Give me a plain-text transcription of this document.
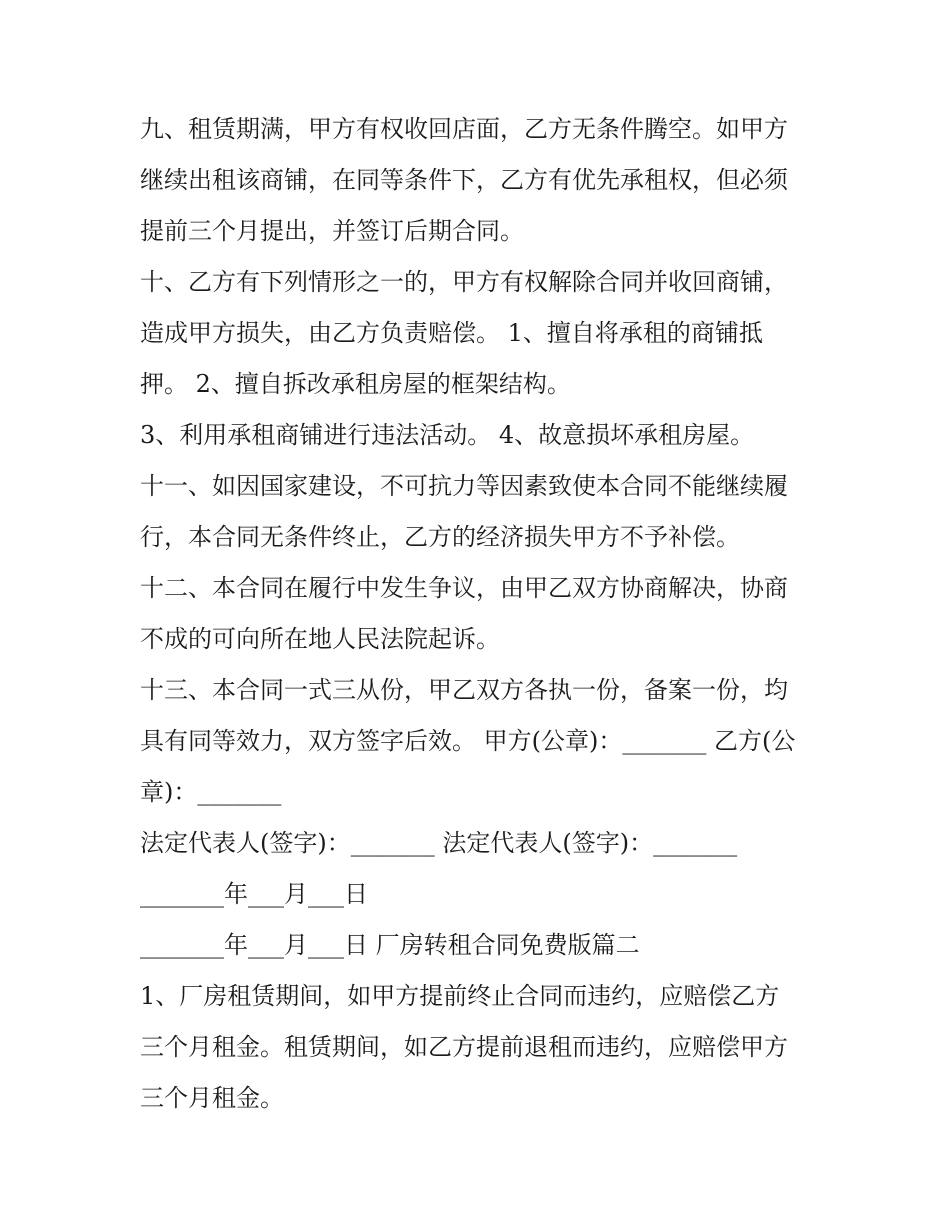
九、租赁期满，甲方有权收回店面，乙方无条件腾空。如甲方
继续出租该商铺，在同等条件下，乙方有优先承租权，但必须
提前三个月提出，并签订后期合同。
十、乙方有下列情形之一的，甲方有权解除合同并收回商铺，
造成甲方损失，由乙方负责赔偿。 1、擅自将承租的商铺抵
押。 2、擅自拆改承租房屋的框架结构。
3、利用承租商铺进行违法活动。 4、故意损坏承租房屋。
十一、如因国家建设，不可抗力等因素致使本合同不能继续履
行，本合同无条件终止，乙方的经济损失甲方不予补偿。
十二、本合同在履行中发生争议，由甲乙双方协商解决，协商
不成的可向所在地人民法院起诉。
十三、本合同一式三从份，甲乙双方各执一份，备案一份，均
具有同等效力，双方签字后效。 甲方(公章)：_______ 乙方(公
章)：_______
法定代表人(签字)：_______ 法定代表人(签字)：_______
_______年___月___日
_______年___月___日 厂房转租合同免费版篇二
1、厂房租赁期间，如甲方提前终止合同而违约，应赔偿乙方
三个月租金。租赁期间，如乙方提前退租而违约，应赔偿甲方
三个月租金。
